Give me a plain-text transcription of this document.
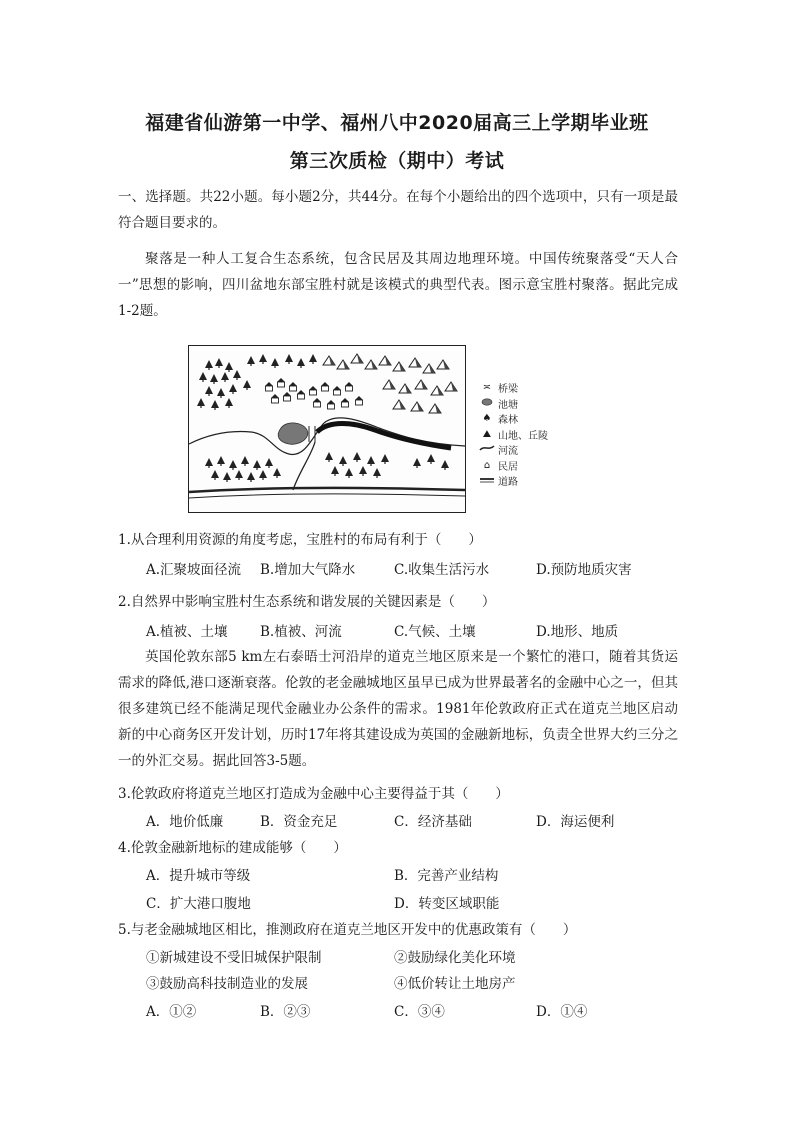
福建省仙游第一中学、福州八中2020届高三上学期毕业班
第三次质检（期中）考试
一、选择题。共22小题。每小题2分，共44分。在每个小题给出的四个选项中，只有一项是最符合题目要求的。
聚落是一种人工复合生态系统，包含民居及其周边地理环境。中国传统聚落受“天人合一”思想的影响，四川盆地东部宝胜村就是该模式的典型代表。图示意宝胜村聚落。据此完成1-2题。
≍ 桥梁
池塘
♠ 森林
⛰ 山地、丘陵
河流
⌂ 民居
道路
1.从合理利用资源的角度考虑，宝胜村的布局有利于（　　）
A.汇聚坡面径流 B.增加大气降水	C.收集生活污水	D.预防地质灾害
2.自然界中影响宝胜村生态系统和谐发展的关键因素是（　　）
A.植被、土壤 B.植被、河流	C.气候、土壤	D.地形、地质
英国伦敦东部5 km左右泰晤士河沿岸的道克兰地区原来是一个繁忙的港口，随着其货运需求的降低,港口逐渐衰落。伦敦的老金融城地区虽早已成为世界最著名的金融中心之一，但其很多建筑已经不能满足现代金融业办公条件的需求。1981年伦敦政府正式在道克兰地区启动新的中心商务区开发计划，历时17年将其建设成为英国的金融新地标，负责全世界大约三分之一的外汇交易。据此回答3-5题。
3.伦敦政府将道克兰地区打造成为金融中心主要得益于其（　　）
A．地价低廉	B．资金充足	C．经济基础	D．海运便利
4.伦敦金融新地标的建成能够（　　）
A．提升城市等级	B．完善产业结构
C．扩大港口腹地	D．转变区域职能
5.与老金融城地区相比，推测政府在道克兰地区开发中的优惠政策有（　　）
①新城建设不受旧城保护限制	②鼓励绿化美化环境
③鼓励高科技制造业的发展	④低价转让土地房产
A．①②	B．②③	C．③④	D．①④
